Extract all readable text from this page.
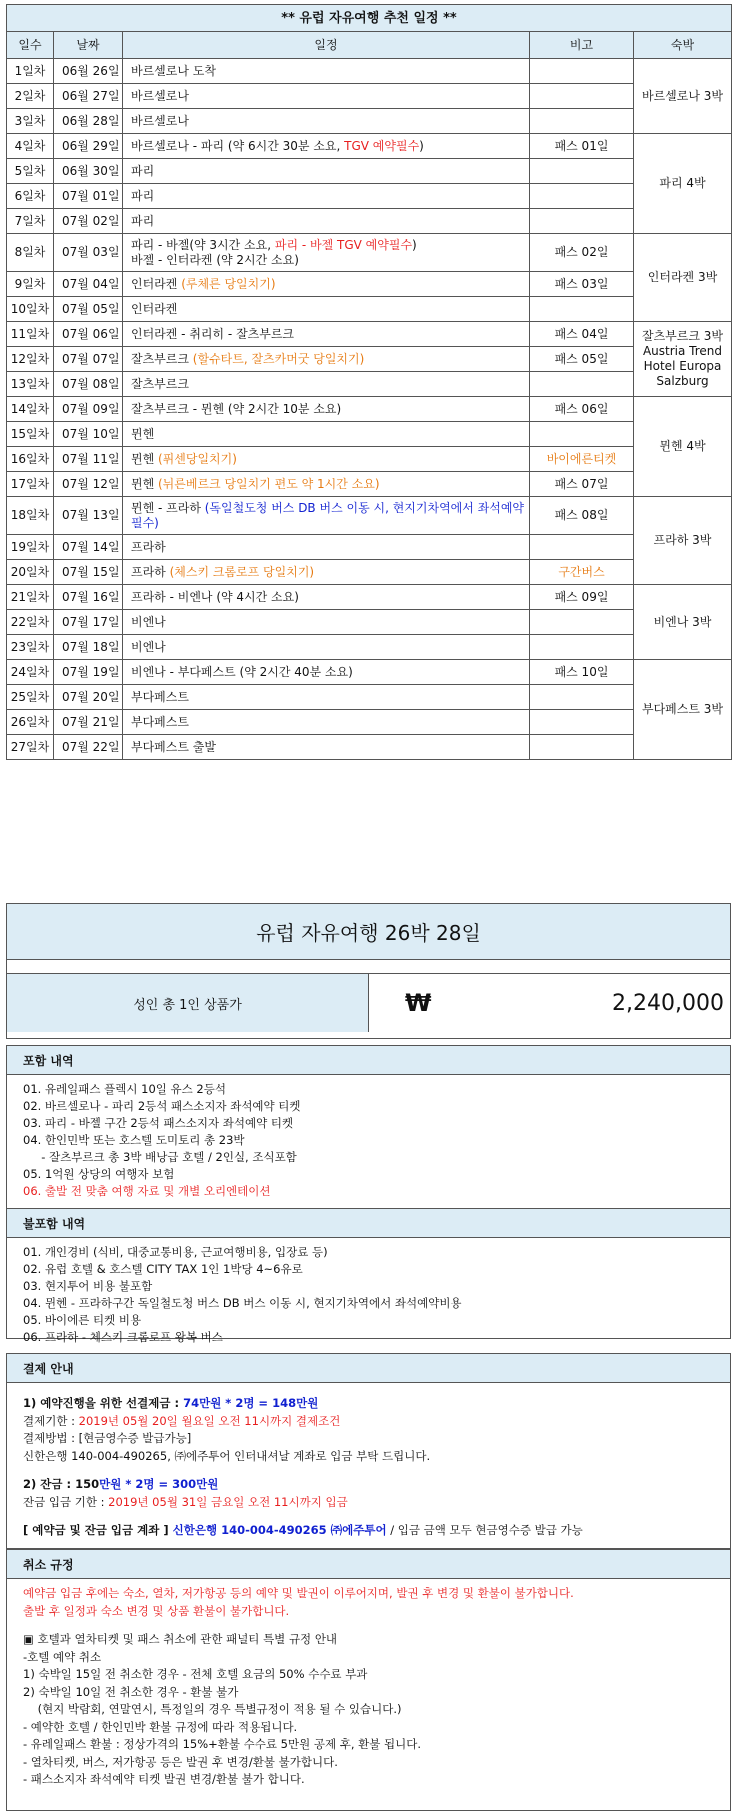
** 유럽 자유여행 추천 일정 **				
일수	날짜	일정	비고	숙박
1일차	06월 26일	바르셀로나 도착		바르셀로나 3박
2일차	06월 27일	바르셀로나		
3일차	06월 28일	바르셀로나		
4일차	06월 29일	바르셀로나 - 파리 (약 6시간 30분 소요, TGV 예약필수)	패스 01일	파리 4박
5일차	06월 30일	파리		
6일차	07월 01일	파리		
7일차	07월 02일	파리		
8일차	07월 03일	파리 - 바젤(약 3시간 소요, 파리 - 바젤 TGV 예약필수)
바젤 - 인터라켄 (약 2시간 소요)	패스 02일	인터라켄 3박
9일차	07월 04일	인터라켄 (루체른 당일치기)	패스 03일	
10일차	07월 05일	인터라켄		
11일차	07월 06일	인터라켄 - 취리히 - 잘츠부르크	패스 04일	잘츠부르크 3박
Austria Trend
Hotel Europa
Salzburg
12일차	07월 07일	잘츠부르크 (할슈타트, 잘츠카머굿 당일치기)	패스 05일	
13일차	07월 08일	잘츠부르크		
14일차	07월 09일	잘츠부르크 - 뮌헨 (약 2시간 10분 소요)	패스 06일	뮌헨 4박
15일차	07월 10일	뮌헨		
16일차	07월 11일	뮌헨 (퓌센당일치기)	바이에른티켓	
17일차	07월 12일	뮌헨 (뉘른베르크 당일치기 편도 약 1시간 소요)	패스 07일	
18일차	07월 13일	뮌헨 - 프라하 (독일철도청 버스 DB 버스 이동 시, 현지기차역에서 좌석예약 필수)	패스 08일	프라하 3박
19일차	07월 14일	프라하		
20일차	07월 15일	프라하 (체스키 크롬로프 당일치기)	구간버스	
21일차	07월 16일	프라하 - 비엔나 (약 4시간 소요)	패스 09일	비엔나 3박
22일차	07월 17일	비엔나		
23일차	07월 18일	비엔나		
24일차	07월 19일	비엔나 - 부다페스트 (약 2시간 40분 소요)	패스 10일	부다페스트 3박
25일차	07월 20일	부다페스트		
26일차	07월 21일	부다페스트		
27일차	07월 22일	부다페스트 출발		
유럽 자유여행 26박 28일
성인 총 1인 상품가	₩	2,240,000
포함 내역
01. 유레일패스 플렉시 10일 유스 2등석
02. 바르셀로나 - 파리 2등석 패스소지자 좌석예약 티켓
03. 파리 - 바젤 구간 2등석 패스소지자 좌석예약 티켓
04. 한인민박 또는 호스텔 도미토리 총 23박
- 잘츠부르크 총 3박 배낭급 호텔 / 2인실, 조식포함
05. 1억원 상당의 여행자 보험
06. 출발 전 맞춤 여행 자료 및 개별 오리엔테이션
불포함 내역
01. 개인경비 (식비, 대중교통비용, 근교여행비용, 입장료 등)
02. 유럽 호텔 & 호스텔 CITY TAX 1인 1박당 4~6유로
03. 현지투어 비용 불포함
04. 뮌헨 - 프라하구간 독일철도청 버스 DB 버스 이동 시, 현지기차역에서 좌석예약비용
05. 바이에른 티켓 비용
06. 프라하 - 체스키 크롬로프 왕복 버스
결제 안내
1) 예약진행을 위한 선결제금 : 74만원 * 2명 = 148만원
결제기한 : 2019년 05월 20일 월요일 오전 11시까지 결제조건
결제방법 : [현금영수증 발급가능]
신한은행 140-004-490265, ㈜에주투어 인터내셔날 계좌로 입금 부탁 드립니다.
2) 잔금 : 150만원 * 2명 = 300만원
잔금 입금 기한 : 2019년 05월 31일 금요일 오전 11시까지 입금
[ 예약금 및 잔금 입금 계좌 ] 신한은행 140-004-490265 ㈜에주투어 / 입금 금액 모두 현금영수증 발급 가능
취소 규정
예약금 입금 후에는 숙소, 열차, 저가항공 등의 예약 및 발권이 이루어지며, 발권 후 변경 및 환불이 불가합니다.
출발 후 일정과 숙소 변경 및 상품 환불이 불가합니다.
▣ 호텔과 열차티켓 및 패스 취소에 관한 패널티 특별 규정 안내
-호텔 예약 취소
1) 숙박일 15일 전 취소한 경우 - 전체 호텔 요금의 50% 수수료 부과
2) 숙박일 10일 전 취소한 경우 - 환불 불가
(현지 박람회, 연말연시, 특정일의 경우 특별규정이 적용 될 수 있습니다.)
- 예약한 호텔 / 한인민박 환불 규정에 따라 적용됩니다.
- 유레일패스 환불 : 정상가격의 15%+환불 수수료 5만원 공제 후, 환불 됩니다.
- 열차티켓, 버스, 저가항공 등은 발권 후 변경/환불 불가합니다.
- 패스소지자 좌석예약 티켓 발권 변경/환불 불가 합니다.
